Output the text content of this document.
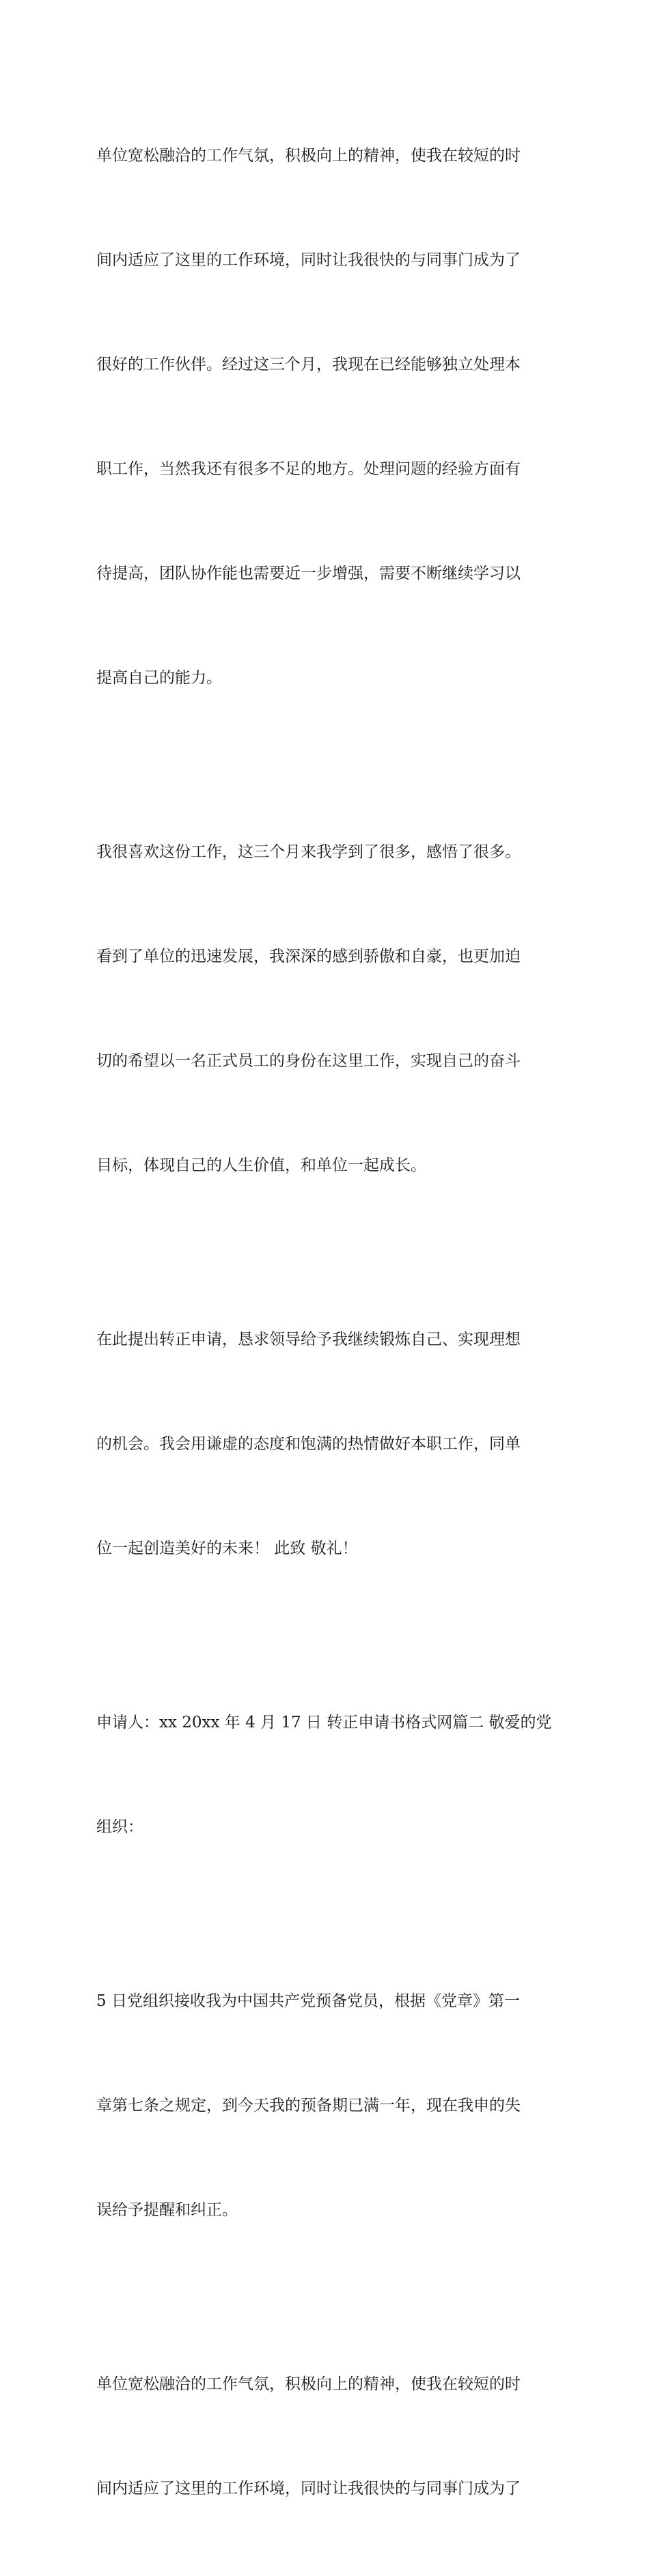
单位宽松融洽的工作气氛，积极向上的精神，使我在较短的时

间内适应了这里的工作环境，同时让我很快的与同事门成为了

很好的工作伙伴。经过这三个月，我现在已经能够独立处理本

职工作，当然我还有很多不足的地方。处理问题的经验方面有

待提高，团队协作能也需要近一步增强，需要不断继续学习以

提高自己的能力。

我很喜欢这份工作，这三个月来我学到了很多，感悟了很多。

看到了单位的迅速发展，我深深的感到骄傲和自豪，也更加迫

切的希望以一名正式员工的身份在这里工作，实现自己的奋斗

目标，体现自己的人生价值，和单位一起成长。

在此提出转正申请，恳求领导给予我继续锻炼自己、实现理想

的机会。我会用谦虚的态度和饱满的热情做好本职工作，同单

位一起创造美好的未来！ 此致 敬礼！

申请人：xx 20xx 年 4 月 17 日 转正申请书格式网篇二 敬爱的党

组织：

5 日党组织接收我为中国共产党预备党员，根据《党章》第一

章第七条之规定，到今天我的预备期已满一年，现在我申的失

误给予提醒和纠正。

单位宽松融洽的工作气氛，积极向上的精神，使我在较短的时

间内适应了这里的工作环境，同时让我很快的与同事门成为了
